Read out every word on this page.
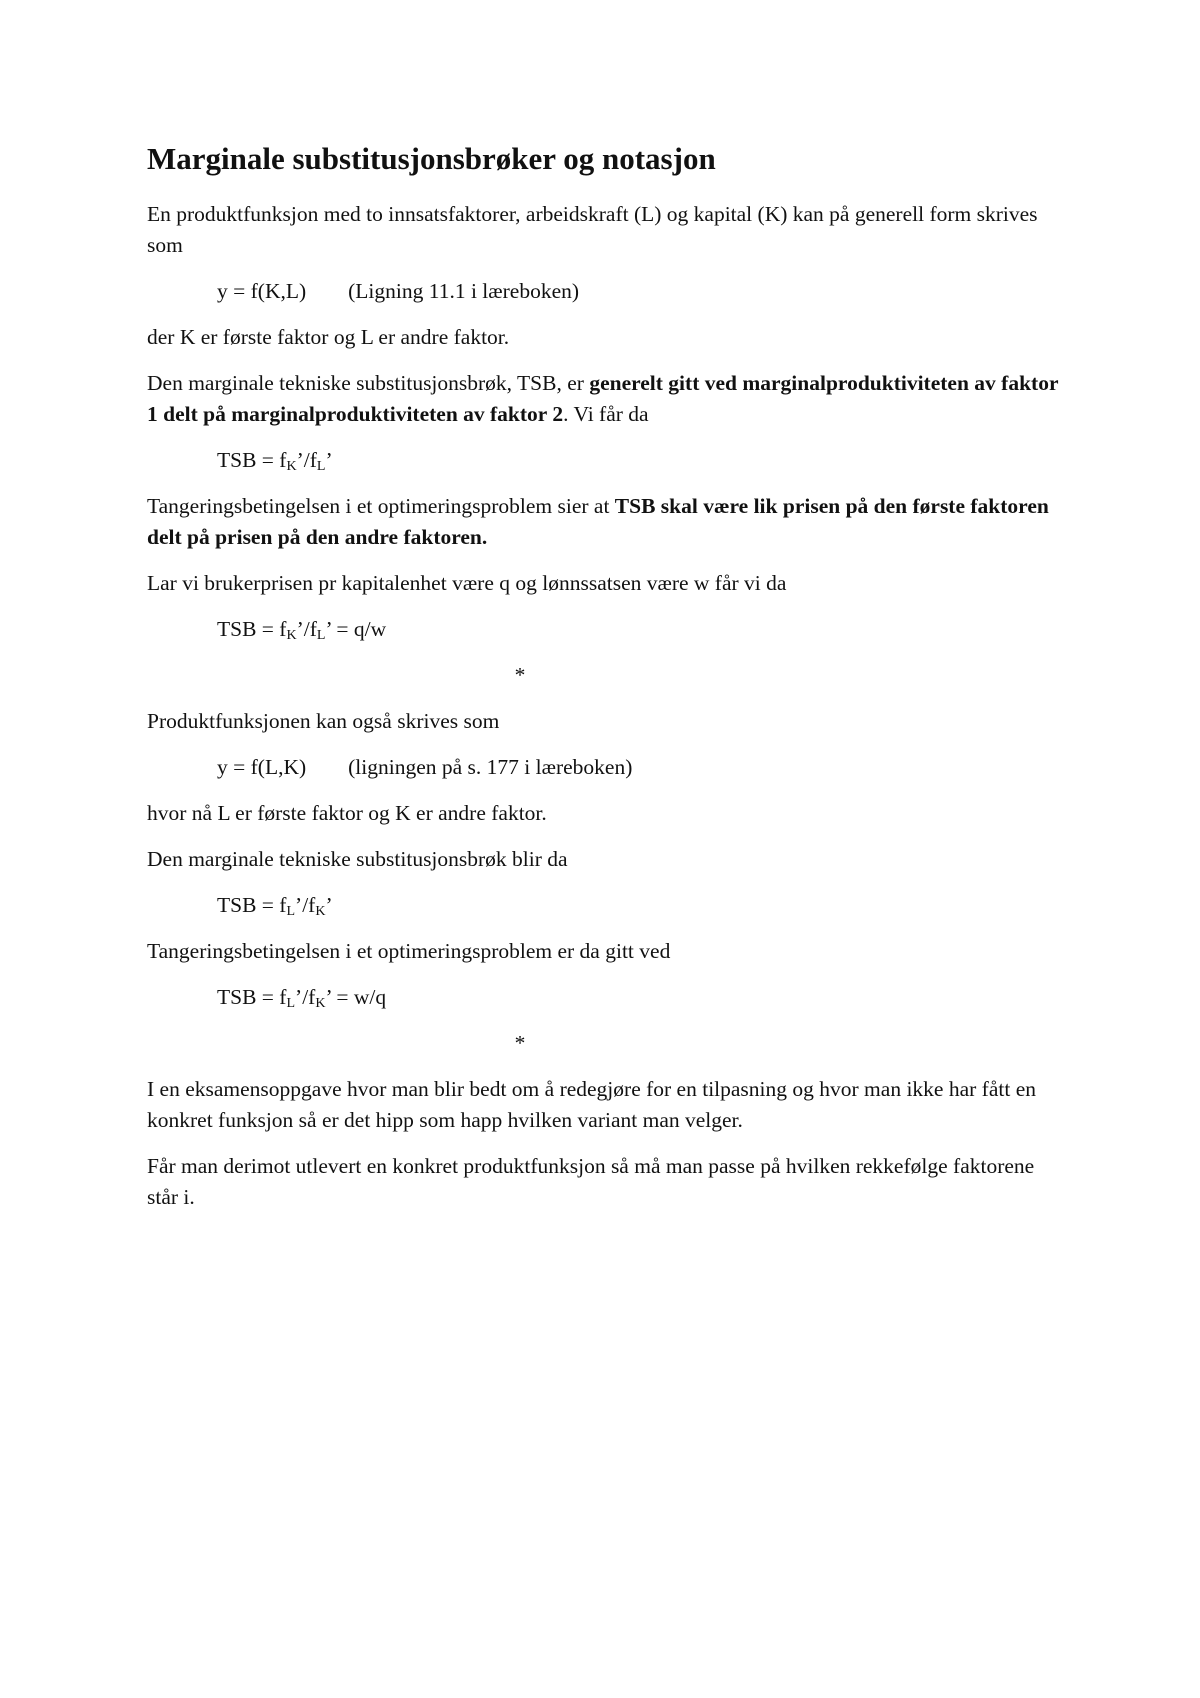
Marginale substitusjonsbrøker og notasjon

En produktfunksjon med to innsatsfaktorer, arbeidskraft (L) og kapital (K) kan på generell form skrives som

y = f(K,L) (Ligning 11.1 i læreboken)

der K er første faktor og L er andre faktor.

Den marginale tekniske substitusjonsbrøk, TSB, er generelt gitt ved marginalproduktiviteten av faktor 1 delt på marginalproduktiviteten av faktor 2. Vi får da

TSB = $f_K’/f_L$’

Tangeringsbetingelsen i et optimeringsproblem sier at TSB skal være lik prisen på den første faktoren delt på prisen på den andre faktoren.

Lar vi brukerprisen pr kapitalenhet være q og lønnssatsen være w får vi da

TSB = $f_K’/f_L$’ = q/w

*

Produktfunksjonen kan også skrives som

y = f(L,K) (ligningen på s. 177 i læreboken)

hvor nå L er første faktor og K er andre faktor.

Den marginale tekniske substitusjonsbrøk blir da

TSB = $f_L’/f_K$’

Tangeringsbetingelsen i et optimeringsproblem er da gitt ved

TSB = $f_L’/f_K$’ = w/q

*

I en eksamensoppgave hvor man blir bedt om å redegjøre for en tilpasning og hvor man ikke har fått en konkret funksjon så er det hipp som happ hvilken variant man velger.

Får man derimot utlevert en konkret produktfunksjon så må man passe på hvilken rekkefølge faktorene står i.
